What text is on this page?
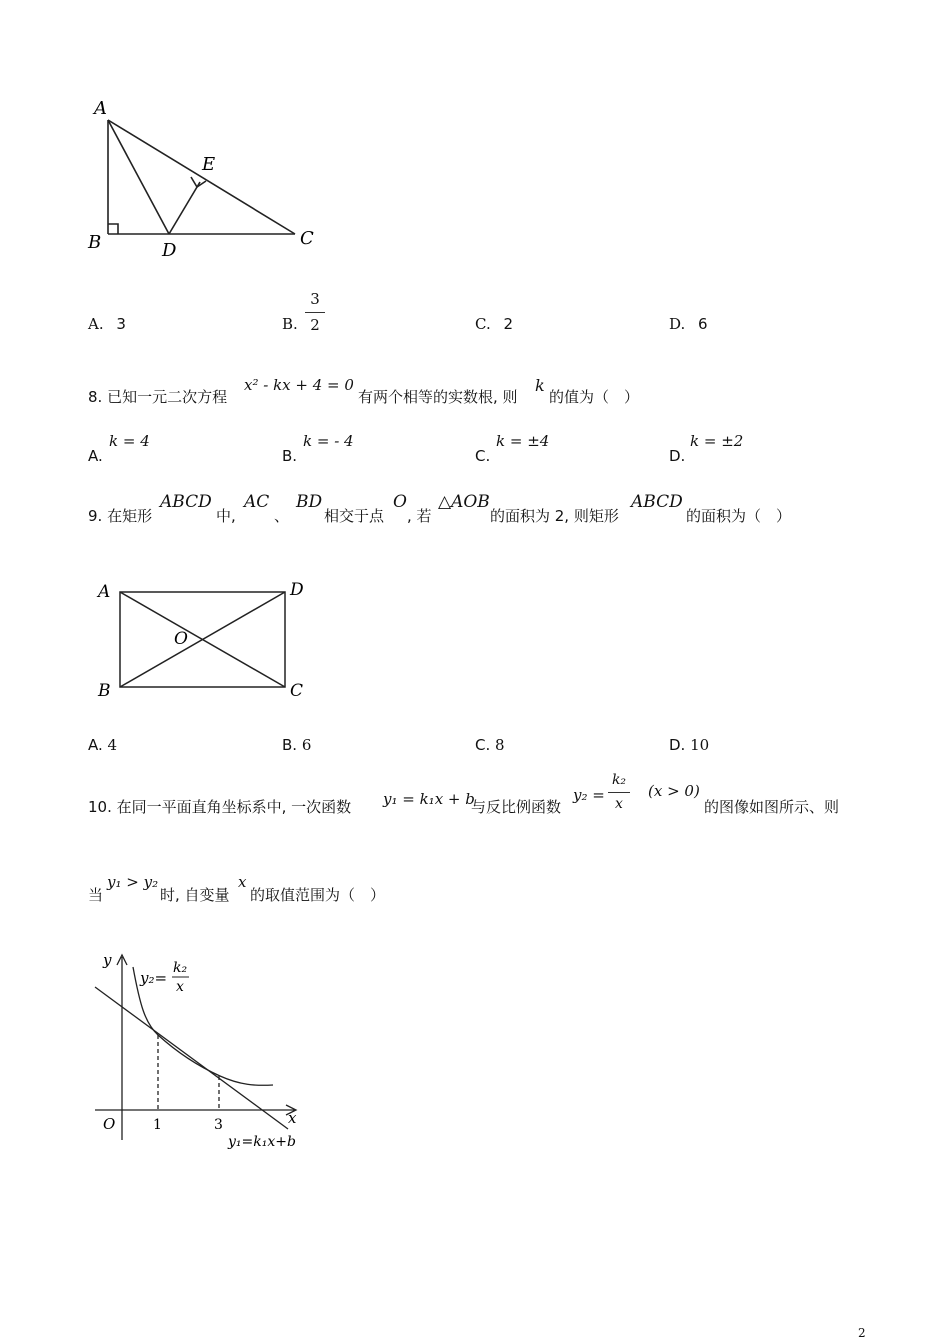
A
B	C
D
E
A. 3	B.
3
2	C. 2	D. 6
8. 已知一元二次方程
x² - kx + 4 = 0
有两个相等的实数根, 则
k
的值为（　）
A.
k = 4
B.
k = - 4
C.
k = ±4
D.
k = ±2
9. 在矩形
ABCD
中,
AC
、
BD
相交于点
O
, 若
△AOB
的面积为 2, 则矩形
ABCD
的面积为（　）
A	D
O
B	C
A. 4	B. 6	C. 8	D. 10
10. 在同一平面直角坐标系中, 一次函数 y₁ = k₁x + b
与反比例函数
y₂ =
k₂
x
(x > 0)
的图像如图所示、则
当
y₁ > y₂
时, 自变量
x
的取值范围为（　）
y
x
O	1	3
y₂=
k₂
x
y₁=k₁x+b
2
